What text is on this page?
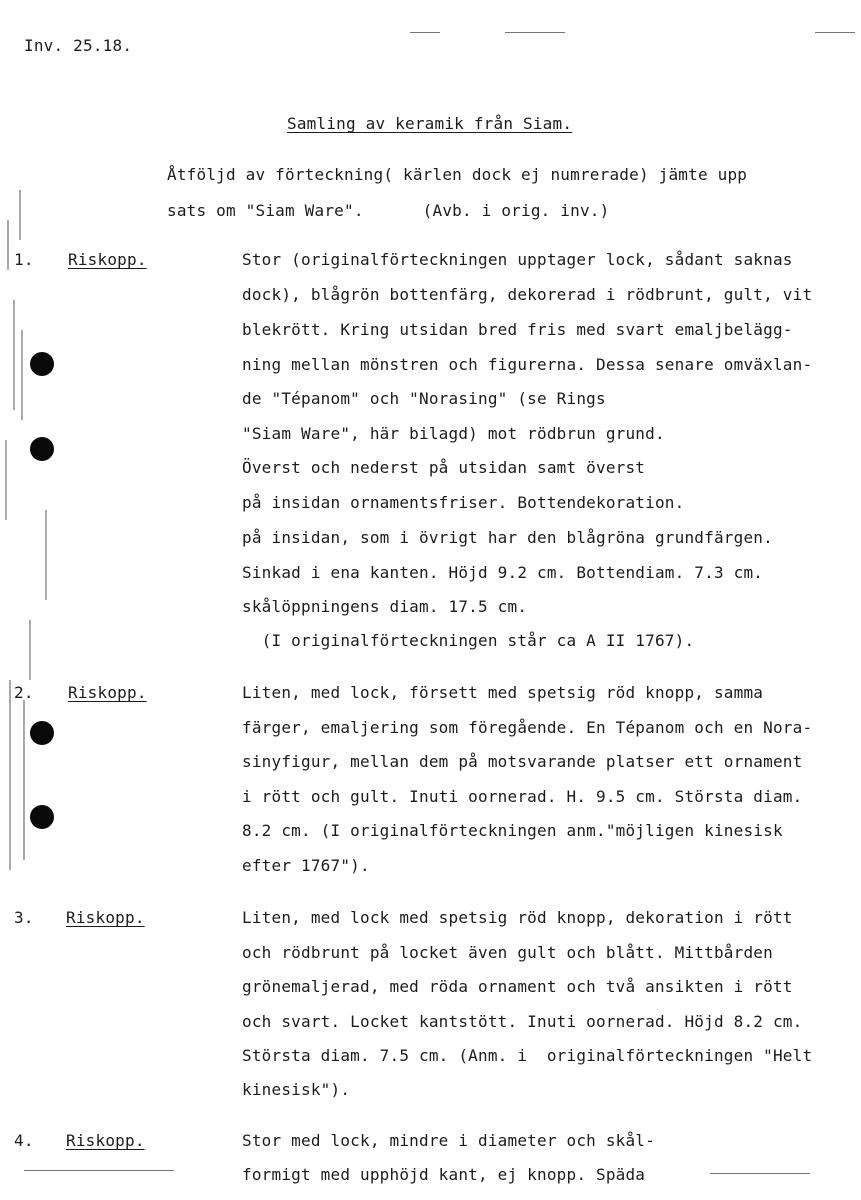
Inv. 25.18.
Samling av keramik från Siam.
Åtföljd av förteckning( kärlen dock ej numrerade) jämte upp
sats om "Siam Ware".      (Avb. i orig. inv.)
1. Riskopp.	Stor (originalförteckningen upptager lock, sådant saknas
dock), blågrön bottenfärg, dekorerad i rödbrunt, gult, vit
blekrött. Kring utsidan bred fris med svart emaljbelägg-
ning mellan mönstren och figurerna. Dessa senare omväxlan-
de "Tépanom" och "Norasing" (se Rings
"Siam Ware", här bilagd) mot rödbrun grund.
Överst och nederst på utsidan samt överst
på insidan ornamentsfriser. Bottendekoration.
på insidan, som i övrigt har den blågröna grundfärgen.
Sinkad i ena kanten. Höjd 9.2 cm. Bottendiam. 7.3 cm.
skålöppningens diam. 17.5 cm.
(I originalförteckningen står ca A II 1767).
2. Riskopp.	Liten, med lock, försett med spetsig röd knopp, samma
färger, emaljering som föregående. En Tépanom och en Nora-
sinyfigur, mellan dem på motsvarande platser ett ornament
i rött och gult. Inuti oornerad. H. 9.5 cm. Största diam.
8.2 cm. (I originalförteckningen anm."möjligen kinesisk
efter 1767").
3. Riskopp.	Liten, med lock med spetsig röd knopp, dekoration i rött
och rödbrunt på locket även gult och blått. Mittbården
grönemaljerad, med röda ornament och två ansikten i rött
och svart. Locket kantstött. Inuti oornerad. Höjd 8.2 cm.
Största diam. 7.5 cm. (Anm. i  originalförteckningen "Helt
kinesisk").
4. Riskopp.	Stor med lock, mindre i diameter och skål-
formigt med upphöjd kant, ej knopp. Späda
